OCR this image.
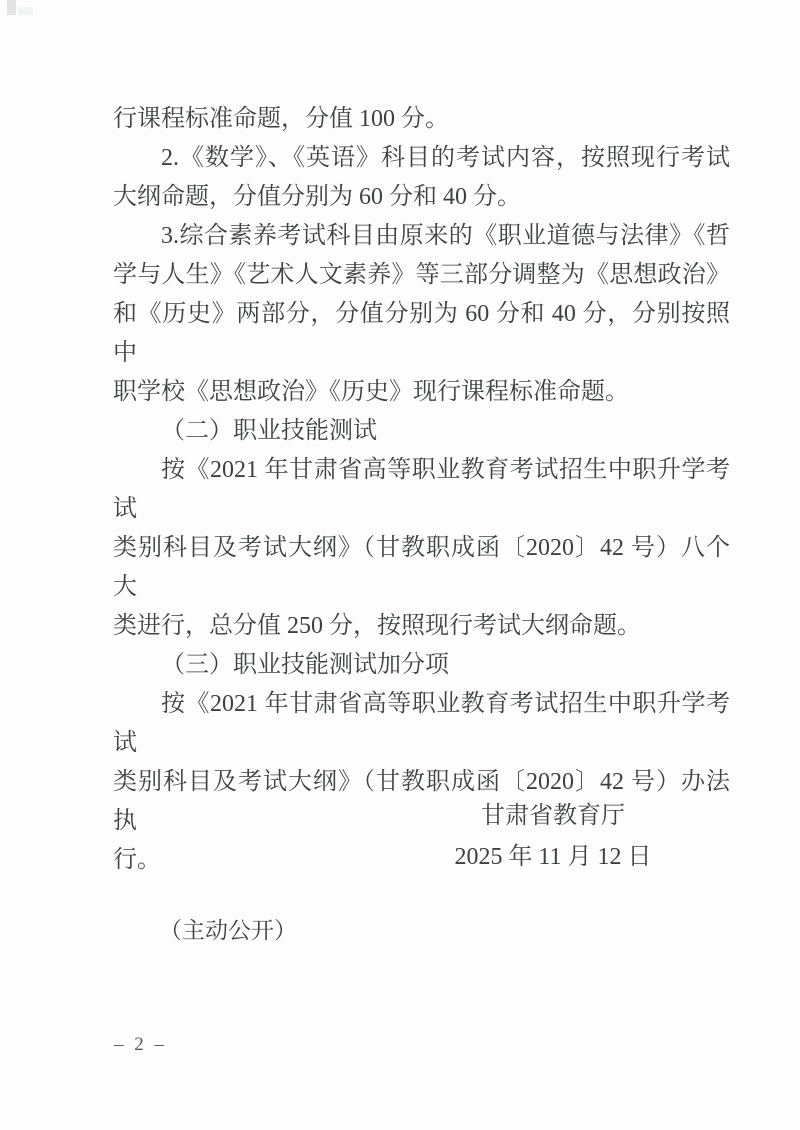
行课程标准命题，分值 100 分。
2.《数学》、《英语》科目的考试内容，按照现行考试
大纲命题，分值分别为 60 分和 40 分。
3.综合素养考试科目由原来的《职业道德与法律》《哲
学与人生》《艺术人文素养》等三部分调整为《思想政治》
和《历史》两部分，分值分别为 60 分和 40 分，分别按照中
职学校《思想政治》《历史》现行课程标准命题。
（二）职业技能测试
按《2021 年甘肃省高等职业教育考试招生中职升学考试
类别科目及考试大纲》（甘教职成函〔2020〕42 号）八个大
类进行，总分值 250 分，按照现行考试大纲命题。
（三）职业技能测试加分项
按《2021 年甘肃省高等职业教育考试招生中职升学考试
类别科目及考试大纲》（甘教职成函〔2020〕42 号）办法执
行。
甘肃省教育厅
2025 年 11 月 12 日
（主动公开）
– 2 –
